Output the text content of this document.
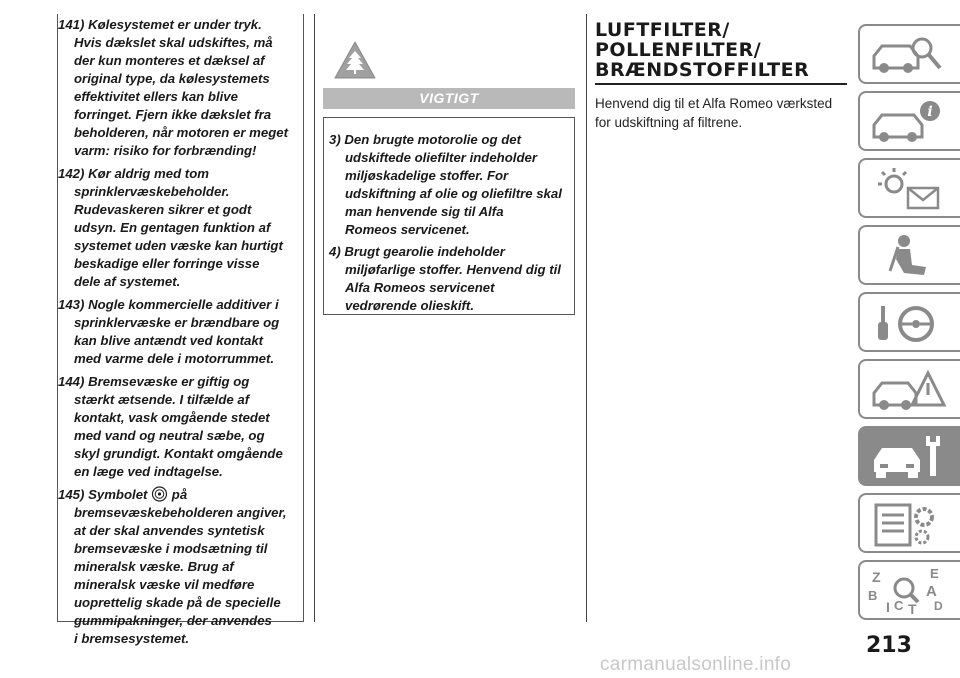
141) Kølesystemet er under tryk.
Hvis dækslet skal udskiftes, må
der kun monteres et dæksel af
original type, da kølesystemets
effektivitet ellers kan blive
forringet. Fjern ikke dækslet fra
beholderen, når motoren er meget
varm: risiko for forbrænding!
142) Kør aldrig med tom
sprinklervæskebeholder.
Rudevaskeren sikrer et godt
udsyn. En gentagen funktion af
systemet uden væske kan hurtigt
beskadige eller forringe visse
dele af systemet.
143) Nogle kommercielle additiver i
sprinklervæske er brændbare og
kan blive antændt ved kontakt
med varme dele i motorrummet.
144) Bremsevæske er giftig og
stærkt ætsende. I tilfælde af
kontakt, vask omgående stedet
med vand og neutral sæbe, og
skyl grundigt. Kontakt omgående
en læge ved indtagelse.
145) Symbolet på
bremsevæskebeholderen angiver,
at der skal anvendes syntetisk
bremsevæske i modsætning til
mineralsk væske. Brug af
mineralsk væske vil medføre
uoprettelig skade på de specielle
gummipakninger, der anvendes
i bremsesystemet.
VIGTIGT
3) Den brugte motorolie og det
udskiftede oliefilter indeholder
miljøskadelige stoffer. For
udskiftning af olie og oliefiltre skal
man henvende sig til Alfa
Romeos servicenet.
4) Brugt gearolie indeholder
miljøfarlige stoffer. Henvend dig til
Alfa Romeos servicenet
vedrørende olieskift.
LUFTFILTER/
POLLENFILTER/
BRÆNDSTOFFILTER
Henvend dig til et Alfa Romeo værksted for udskiftning af filtrene.
i
Z	E
B	A
D
I C T
213
carmanualsonline.info
